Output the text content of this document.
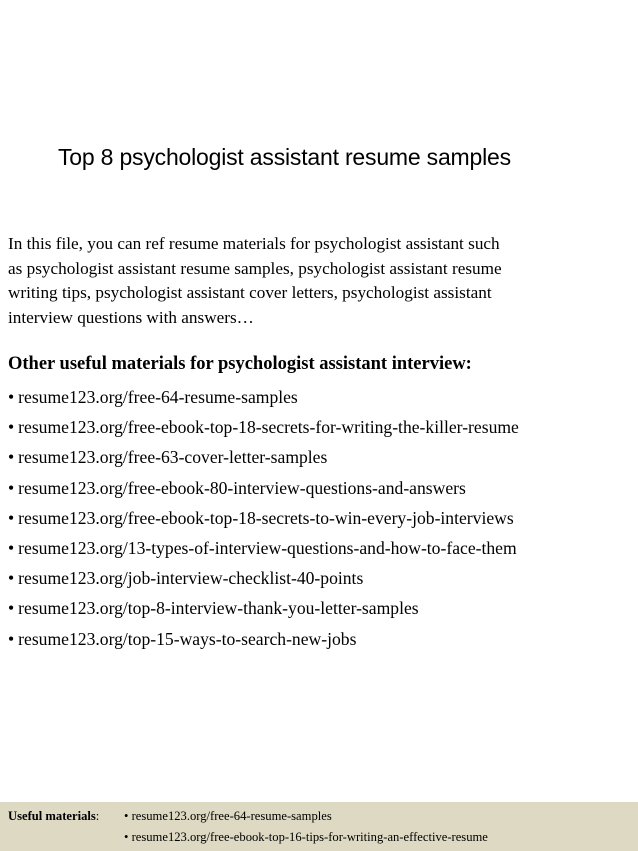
Top 8 psychologist assistant resume samples
In this file, you can ref resume materials for psychologist assistant such
as psychologist assistant resume samples, psychologist assistant resume
writing tips, psychologist assistant cover letters, psychologist assistant
interview questions with answers…
Other useful materials for psychologist assistant interview:
• resume123.org/free-64-resume-samples
• resume123.org/free-ebook-top-18-secrets-for-writing-the-killer-resume
• resume123.org/free-63-cover-letter-samples
• resume123.org/free-ebook-80-interview-questions-and-answers
• resume123.org/free-ebook-top-18-secrets-to-win-every-job-interviews
• resume123.org/13-types-of-interview-questions-and-how-to-face-them
• resume123.org/job-interview-checklist-40-points
• resume123.org/top-8-interview-thank-you-letter-samples
• resume123.org/top-15-ways-to-search-new-jobs
Useful materials: • resume123.org/free-64-resume-samples
• resume123.org/free-ebook-top-16-tips-for-writing-an-effective-resume
